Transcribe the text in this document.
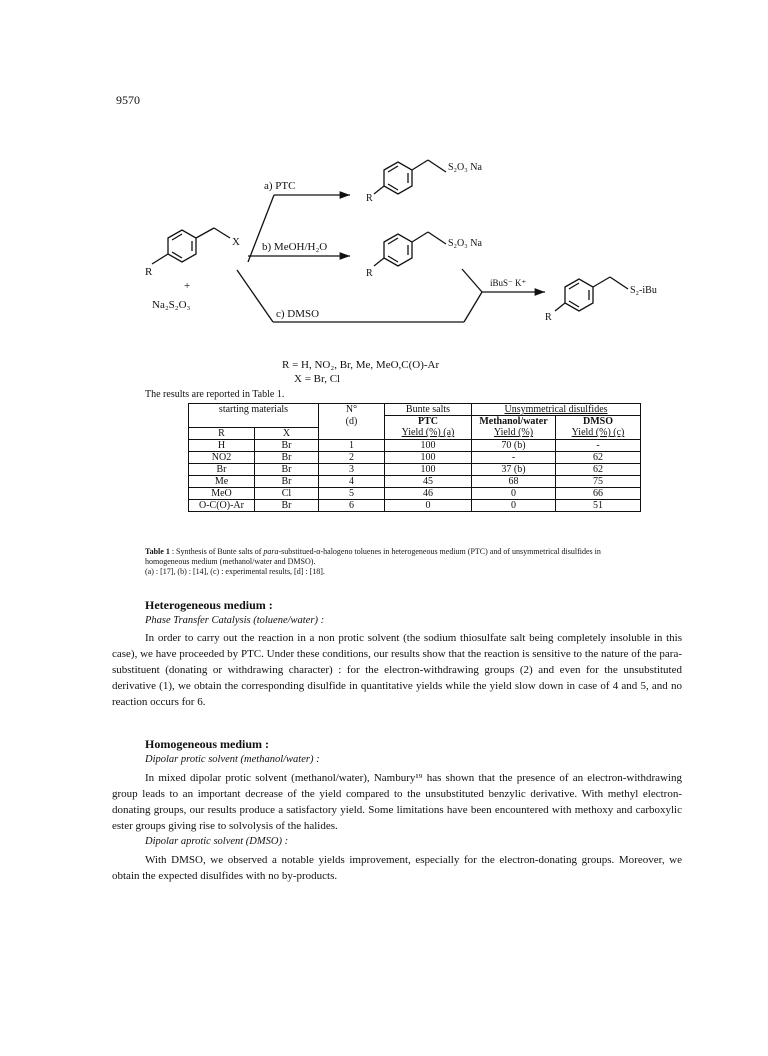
9570
a) PTC
b) MeOH/H₂O
c) DMSO
iBuS⁻ K⁺
X
R
+
Na₂S₂O₃
S₂O₃ Na
R
S₂O₃ Na
R
S₂-iBu
R
R = H, NO₂, Br, Me, MeO,C(O)-Ar
X = Br, Cl
The results are reported in Table 1.
starting materials		N°	Bunte salts	Unsymmetrical disulfides	
		(d)	PTC	Methanol/water	DMSO
R	X		Yield (%) (a)	Yield (%)	Yield (%) (c)
H	Br	1	100	70 (b)	-
NO2	Br	2	100	-	62
Br	Br	3	100	37 (b)	62
Me	Br	4	45	68	75
MeO	Cl	5	46	0	66
O-C(O)-Ar	Br	6	0	0	51
Table 1 : Synthesis of Bunte salts of para-substitued-α-halogeno toluenes in heterogeneous medium (PTC) and of unsymmetrical disulfides in homogeneous medium (methanol/water and DMSO).
(a) : [17], (b) : [14], (c) : experimental results, [d] : [18].
Heterogeneous medium :
Phase Transfer Catalysis (toluene/water) :
In order to carry out the reaction in a non protic solvent (the sodium thiosulfate salt being completely insoluble in this case), we have proceeded by PTC. Under these conditions, our results show that the reaction is sensitive to the nature of the para-substituent (donating or withdrawing character) : for the electron-withdrawing groups (2) and even for the unsubstituted derivative (1), we obtain the corresponding disulfide in quantitative yields while the yield slow down in case of 4 and 5, and no reaction occurs for 6.
Homogeneous medium :
Dipolar protic solvent (methanol/water) :
In mixed dipolar protic solvent (methanol/water), Nambury¹⁹ has shown that the presence of an electron-withdrawing group leads to an important decrease of the yield compared to the unsubstituted benzylic derivative. With methyl electron-donating groups, our results produce a satisfactory yield. Some limitations have been encountered with methoxy and carboxylic ester groups giving rise to solvolysis of the halides.
Dipolar aprotic solvent (DMSO) :
With DMSO, we observed a notable yields improvement, especially for the electron-donating groups. Moreover, we obtain the expected disulfides with no by-products.
